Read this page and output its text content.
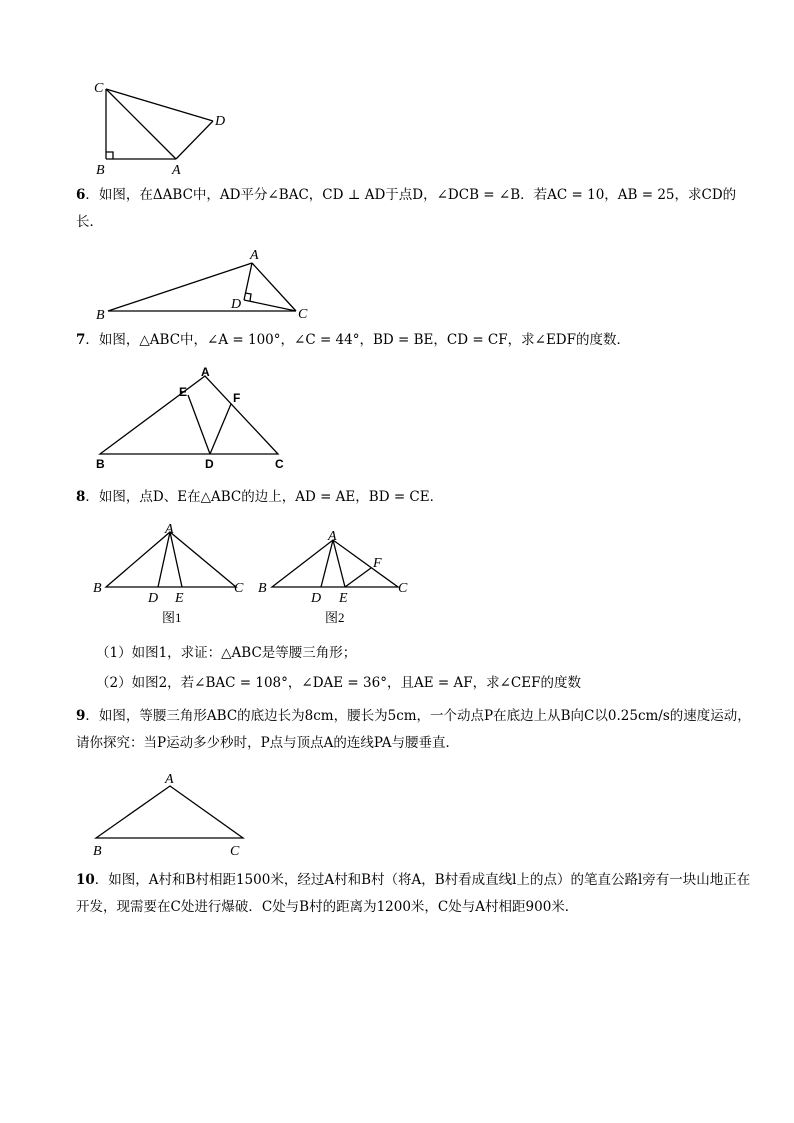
C
D
B	A

6．如图，在ΔABC中，AD平分∠BAC，CD ⊥ AD于点D，∠DCB = ∠B．若AC = 10，AB = 25，求CD的长．

A
B	C
D

7．如图，△ABC中，∠A = 100°，∠C = 44°，BD = BE，CD = CF，求∠EDF的度数．

A
E	F
B	D	C

8．如图，点D、E在△ABC的边上，AD = AE，BD = CE．

A
B	C
D E
图1
A
B	C
D E
F
图2

（1）如图1，求证：△ABC是等腰三角形；

（2）如图2，若∠BAC = 108°，∠DAE = 36°，且AE = AF，求∠CEF的度数

9．如图，等腰三角形ABC的底边长为8cm，腰长为5cm，一个动点P在底边上从B向C以0.25cm/s的速度运动，请你探究：当P运动多少秒时，P点与顶点A的连线PA与腰垂直．

A
B	C

10．如图，A村和B村相距1500米，经过A村和B村（将A，B村看成直线l上的点）的笔直公路l旁有一块山地正在开发，现需要在C处进行爆破．C处与B村的距离为1200米，C处与A村相距900米．
